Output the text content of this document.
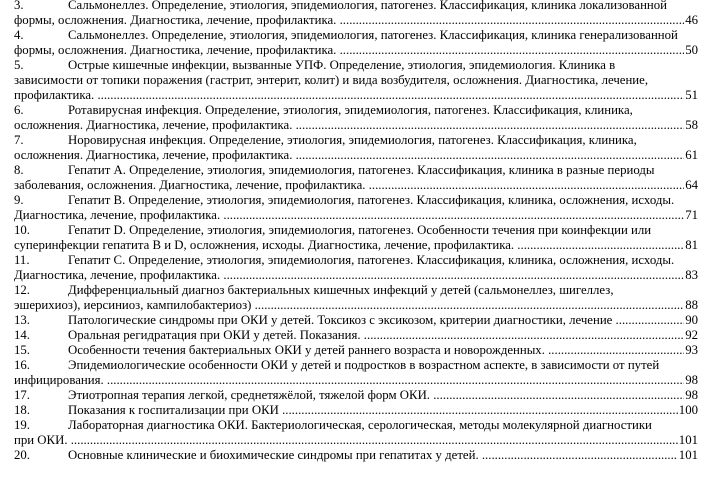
3.	Сальмонеллез. Определение, этиология, эпидемиология, патогенез. Классификация, клиника локализованной
формы, осложнения. Диагностика, лечение, профилактика. .....	46
4.	Сальмонеллез. Определение, этиология, эпидемиология, патогенез. Классификация, клиника генерализованной
формы, осложнения. Диагностика, лечение, профилактика. .....	50
5.	Острые кишечные инфекции, вызванные УПФ. Определение, этиология, эпидемиология. Клиника в
зависимости от топики поражения (гастрит, энтерит, колит) и вида возбудителя, осложнения. Диагностика, лечение,
профилактика. .....	51
6.	Ротавирусная инфекция. Определение, этиология, эпидемиология, патогенез. Классификация, клиника,
осложнения. Диагностика, лечение, профилактика. .....	58
7.	Норовирусная инфекция. Определение, этиология, эпидемиология, патогенез. Классификация, клиника,
осложнения. Диагностика, лечение, профилактика. .....	61
8.	Гепатит А. Определение, этиология, эпидемиология, патогенез. Классификация, клиника в разные периоды
заболевания, осложнения. Диагностика, лечение, профилактика. .....	64
9.	Гепатит В. Определение, этиология, эпидемиология, патогенез. Классификация, клиника, осложнения, исходы.
Диагностика, лечение, профилактика. .....	71
10.	Гепатит D. Определение, этиология, эпидемиология, патогенез. Особенности течения при коинфекции или
суперинфекции гепатита В и D, осложнения, исходы. Диагностика, лечение, профилактика. .....	81
11.	Гепатит С. Определение, этиология, эпидемиология, патогенез. Классификация, клиника, осложнения, исходы.
Диагностика, лечение, профилактика. .....	83
12.	Дифференциальный диагноз бактериальных кишечных инфекций у детей (сальмонеллез, шигеллез,
эшерихиоз), иерсиниоз, кампилобактериоз) .....	88
13.	Патологические синдромы при ОКИ у детей. Токсикоз с эксикозом, критерии диагностики, лечение .....	90
14.	Оральная регидратация при ОКИ у детей. Показания. .....	92
15.	Особенности течения бактериальных ОКИ у детей раннего возраста и новорожденных. .....	93
16.	Эпидемиологические особенности ОКИ у детей и подростков в возрастном аспекте, в зависимости от путей
инфицирования. .....	98
17.	Этиотропная терапия легкой, среднетяжёлой, тяжелой форм ОКИ. .....	98
18.	Показания к госпитализации при ОКИ .....	100
19.	Лабораторная диагностика ОКИ. Бактериологическая, серологическая, методы молекулярной диагностики
при ОКИ. .....	101
20.	Основные клинические и биохимические синдромы при гепатитах у детей. .....	101
